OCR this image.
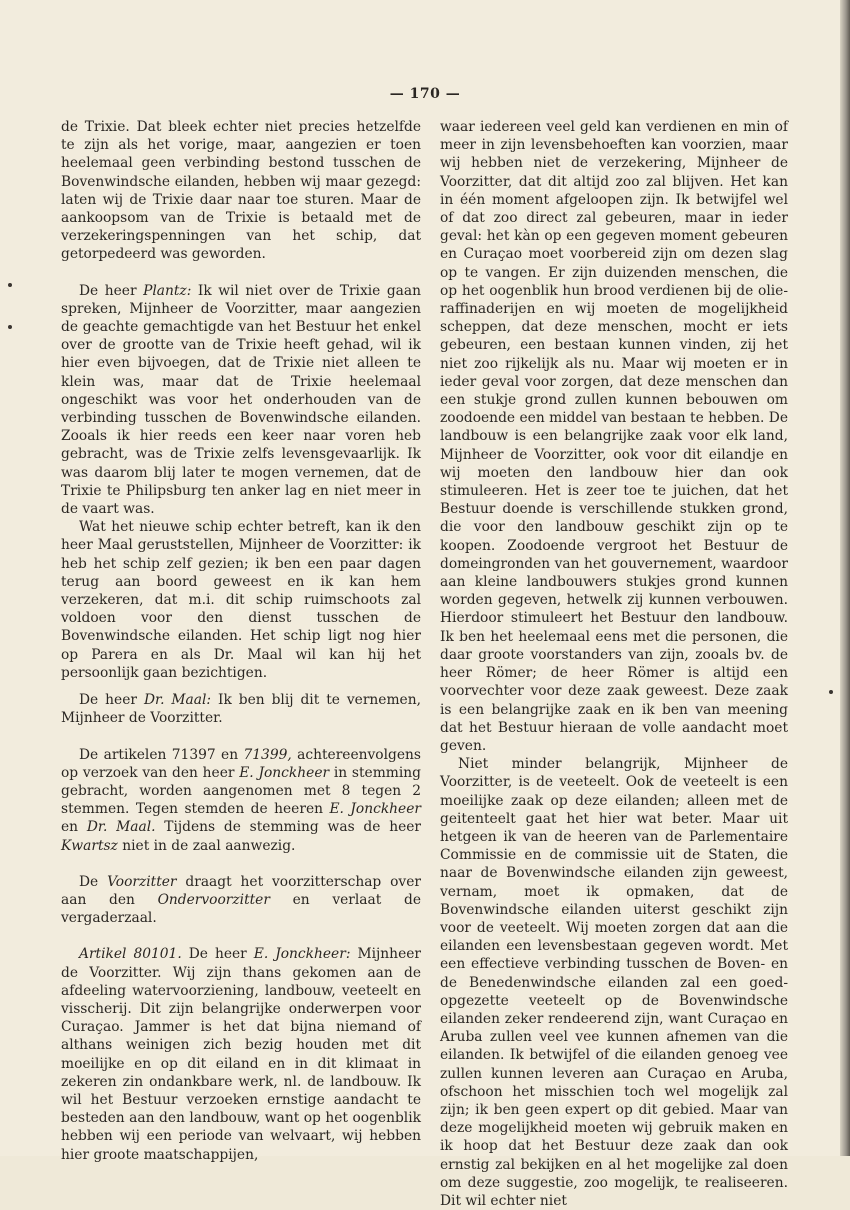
— 170 —

de Trixie. Dat bleek echter niet precies hetzelfde te zijn als het vorige, maar, aangezien er toen heelemaal geen verbinding bestond tusschen de Bovenwindsche eilanden, hebben wij maar gezegd: laten wij de Trixie daar naar toe sturen. Maar de aankoopsom van de Trixie is betaald met de verzekeringspenningen van het schip, dat getorpedeerd was geworden.

De heer Plantz: Ik wil niet over de Trixie gaan spreken, Mijnheer de Voorzitter, maar aangezien de geachte gemachtigde van het Bestuur het enkel over de grootte van de Trixie heeft gehad, wil ik hier even bijvoegen, dat de Trixie niet alleen te klein was, maar dat de Trixie heelemaal ongeschikt was voor het onderhouden van de verbinding tusschen de Bovenwindsche eilanden. Zooals ik hier reeds een keer naar voren heb gebracht, was de Trixie zelfs levensgevaarlijk. Ik was daarom blij later te mogen vernemen, dat de Trixie te Philipsburg ten anker lag en niet meer in de vaart was.

Wat het nieuwe schip echter betreft, kan ik den heer Maal geruststellen, Mijnheer de Voorzitter: ik heb het schip zelf gezien; ik ben een paar dagen terug aan boord geweest en ik kan hem verzekeren, dat m.i. dit schip ruimschoots zal voldoen voor den dienst tusschen de Bovenwindsche eilanden. Het schip ligt nog hier op Parera en als Dr. Maal wil kan hij het persoonlijk gaan bezichtigen.

De heer Dr. Maal: Ik ben blij dit te vernemen, Mijnheer de Voorzitter.

De artikelen 71397 en 71399, achtereenvolgens op verzoek van den heer E. Jonckheer in stemming gebracht, worden aangenomen met 8 tegen 2 stemmen. Tegen stemden de heeren E. Jonckheer en Dr. Maal. Tijdens de stemming was de heer Kwartsz niet in de zaal aanwezig.

De Voorzitter draagt het voorzitterschap over aan den Ondervoorzitter en verlaat de vergaderzaal.

Artikel 80101. De heer E. Jonckheer: Mijnheer de Voorzitter. Wij zijn thans gekomen aan de afdeeling watervoorziening, landbouw, veeteelt en visscherij. Dit zijn belangrijke onderwerpen voor Curaçao. Jammer is het dat bijna niemand of althans weinigen zich bezig houden met dit moeilijke en op dit eiland en in dit klimaat in zekeren zin ondankbare werk, nl. de landbouw. Ik wil het Bestuur verzoeken ernstige aandacht te besteden aan den landbouw, want op het oogenblik hebben wij een periode van welvaart, wij hebben hier groote maatschappijen,

waar iedereen veel geld kan verdienen en min of meer in zijn levensbehoeften kan voorzien, maar wij hebben niet de verzekering, Mijnheer de Voorzitter, dat dit altijd zoo zal blijven. Het kan in één moment afgeloopen zijn. Ik betwijfel wel of dat zoo direct zal gebeuren, maar in ieder geval: het kàn op een gegeven moment gebeuren en Curaçao moet voorbereid zijn om dezen slag op te vangen. Er zijn duizenden menschen, die op het oogenblik hun brood verdienen bij de olie-raffinaderijen en wij moeten de mogelijkheid scheppen, dat deze menschen, mocht er iets gebeuren, een bestaan kunnen vinden, zij het niet zoo rijkelijk als nu. Maar wij moeten er in ieder geval voor zorgen, dat deze menschen dan een stukje grond zullen kunnen bebouwen om zoodoende een middel van bestaan te hebben. De landbouw is een belangrijke zaak voor elk land, Mijnheer de Voorzitter, ook voor dit eilandje en wij moeten den landbouw hier dan ook stimuleeren. Het is zeer toe te juichen, dat het Bestuur doende is verschillende stukken grond, die voor den landbouw geschikt zijn op te koopen. Zoodoende vergroot het Bestuur de domeingronden van het gouvernement, waardoor aan kleine landbouwers stukjes grond kunnen worden gegeven, hetwelk zij kunnen verbouwen. Hierdoor stimuleert het Bestuur den landbouw. Ik ben het heelemaal eens met die personen, die daar groote voorstanders van zijn, zooals bv. de heer Römer; de heer Römer is altijd een voorvechter voor deze zaak geweest. Deze zaak is een belangrijke zaak en ik ben van meening dat het Bestuur hieraan de volle aandacht moet geven.

Niet minder belangrijk, Mijnheer de Voorzitter, is de veeteelt. Ook de veeteelt is een moeilijke zaak op deze eilanden; alleen met de geitenteelt gaat het hier wat beter. Maar uit hetgeen ik van de heeren van de Parlementaire Commissie en de commissie uit de Staten, die naar de Bovenwindsche eilanden zijn geweest, vernam, moet ik opmaken, dat de Bovenwindsche eilanden uiterst geschikt zijn voor de veeteelt. Wij moeten zorgen dat aan die eilanden een levensbestaan gegeven wordt. Met een effectieve verbinding tusschen de Boven- en de Benedenwindsche eilanden zal een goed-opgezette veeteelt op de Bovenwindsche eilanden zeker rendeerend zijn, want Curaçao en Aruba zullen veel vee kunnen afnemen van die eilanden. Ik betwijfel of die eilanden genoeg vee zullen kunnen leveren aan Curaçao en Aruba, ofschoon het misschien toch wel mogelijk zal zijn; ik ben geen expert op dit gebied. Maar van deze mogelijkheid moeten wij gebruik maken en ik hoop dat het Bestuur deze zaak dan ook ernstig zal bekijken en al het mogelijke zal doen om deze suggestie, zoo mogelijk, te realiseeren. Dit wil echter niet
